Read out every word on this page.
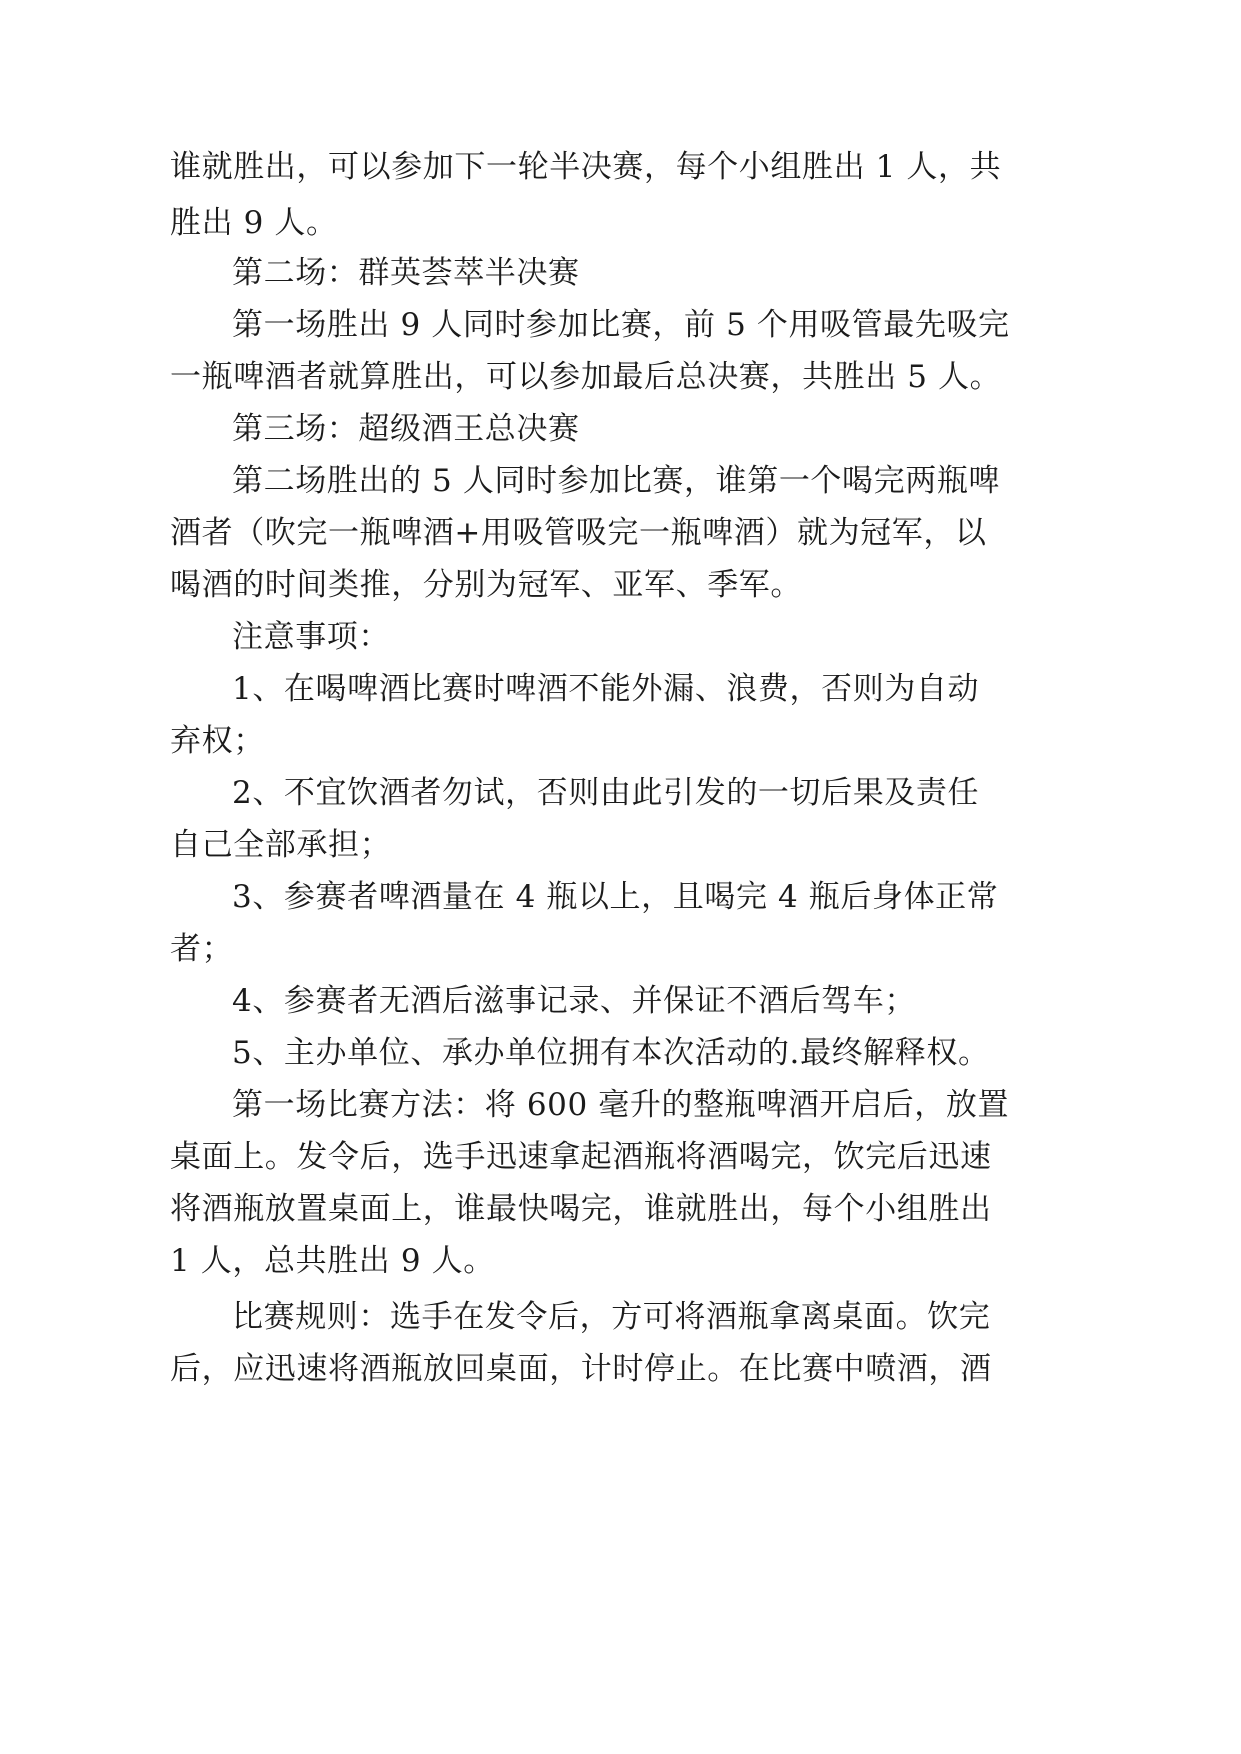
谁就胜出，可以参加下一轮半决赛，每个小组胜出 1 人，共

胜出 9 人。

第二场：群英荟萃半决赛

第一场胜出 9 人同时参加比赛，前 5 个用吸管最先吸完

一瓶啤酒者就算胜出，可以参加最后总决赛，共胜出 5 人。

第三场：超级酒王总决赛

第二场胜出的 5 人同时参加比赛，谁第一个喝完两瓶啤

酒者（吹完一瓶啤酒+用吸管吸完一瓶啤酒）就为冠军，以

喝酒的时间类推，分别为冠军、亚军、季军。

注意事项：

1、在喝啤酒比赛时啤酒不能外漏、浪费，否则为自动

弃权；

2、不宜饮酒者勿试，否则由此引发的一切后果及责任

自己全部承担；

3、参赛者啤酒量在 4 瓶以上，且喝完 4 瓶后身体正常

者；

4、参赛者无酒后滋事记录、并保证不酒后驾车；

5、主办单位、承办单位拥有本次活动的.最终解释权。

第一场比赛方法：将 600 毫升的整瓶啤酒开启后，放置

桌面上。发令后，选手迅速拿起酒瓶将酒喝完，饮完后迅速

将酒瓶放置桌面上，谁最快喝完，谁就胜出，每个小组胜出

1 人，总共胜出 9 人。

比赛规则：选手在发令后，方可将酒瓶拿离桌面。饮完

后，应迅速将酒瓶放回桌面，计时停止。在比赛中喷酒，酒
